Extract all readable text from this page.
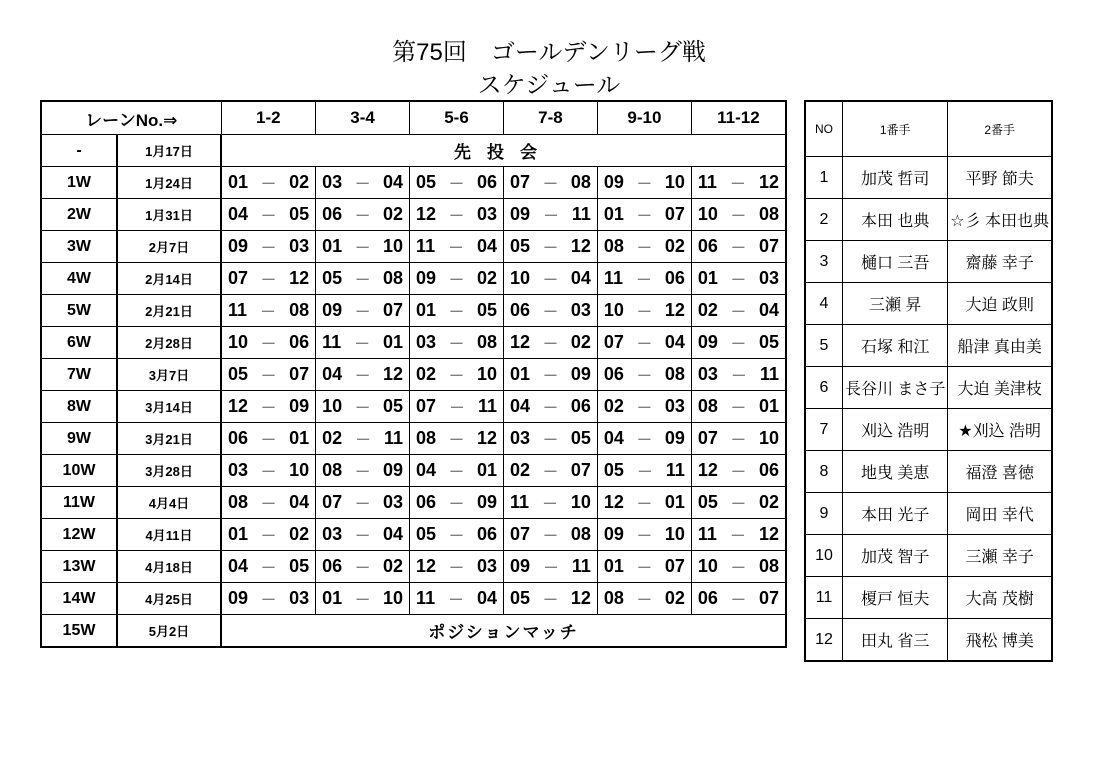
第75回　ゴールデンリーグ戦
スケジュール
レーンNo.⇒		1-2	3-4	5-6	7-8	9-10	11-12
-	1月17日	先投会					
1W	1月24日	01 － 02	03 － 04	05 － 06	07 － 08	09 － 10	11 － 12

2W	1月31日	04 － 05	06 － 02	12 － 03	09 － 11	01 － 07	10 － 08

3W	2月7日	09 － 03	01 － 10	11 － 04	05 － 12	08 － 02	06 － 07

4W	2月14日	07 － 12	05 － 08	09 － 02	10 － 04	11 － 06	01 － 03

5W	2月21日	11 － 08	09 － 07	01 － 05	06 － 03	10 － 12	02 － 04

6W	2月28日	10 － 06	11 － 01	03 － 08	12 － 02	07 － 04	09 － 05

7W	3月7日	05 － 07	04 － 12	02 － 10	01 － 09	06 － 08	03 － 11

8W	3月14日	12 － 09	10 － 05	07 － 11	04 － 06	02 － 03	08 － 01

9W	3月21日	06 － 01	02 － 11	08 － 12	03 － 05	04 － 09	07 － 10

10W	3月28日	03 － 10	08 － 09	04 － 01	02 － 07	05 － 11	12 － 06

11W	4月4日	08 － 04	07 － 03	06 － 09	11 － 10	12 － 01	05 － 02

12W	4月11日	01 － 02	03 － 04	05 － 06	07 － 08	09 － 10	11 － 12

13W	4月18日	04 － 05	06 － 02	12 － 03	09 － 11	01 － 07	10 － 08

14W	4月25日	09 － 03	01 － 10	11 － 04	05 － 12	08 － 02	06 － 07

15W	5月2日	ポジションマッチ					
NO	1番手	2番手
1	加茂 哲司	平野 節夫
2	本田 也典	☆彡 本田也典
3	樋口 三吾	齋藤 幸子
4	三瀬 昇	大迫 政則
5	石塚 和江	船津 真由美
6	長谷川 まさ子	大迫 美津枝
7	刈込 浩明	★刈込 浩明
8	地曳 美恵	福澄 喜徳
9	本田 光子	岡田 幸代
10	加茂 智子	三瀬 幸子
11	榎戸 恒夫	大高 茂樹
12	田丸 省三	飛松 博美
